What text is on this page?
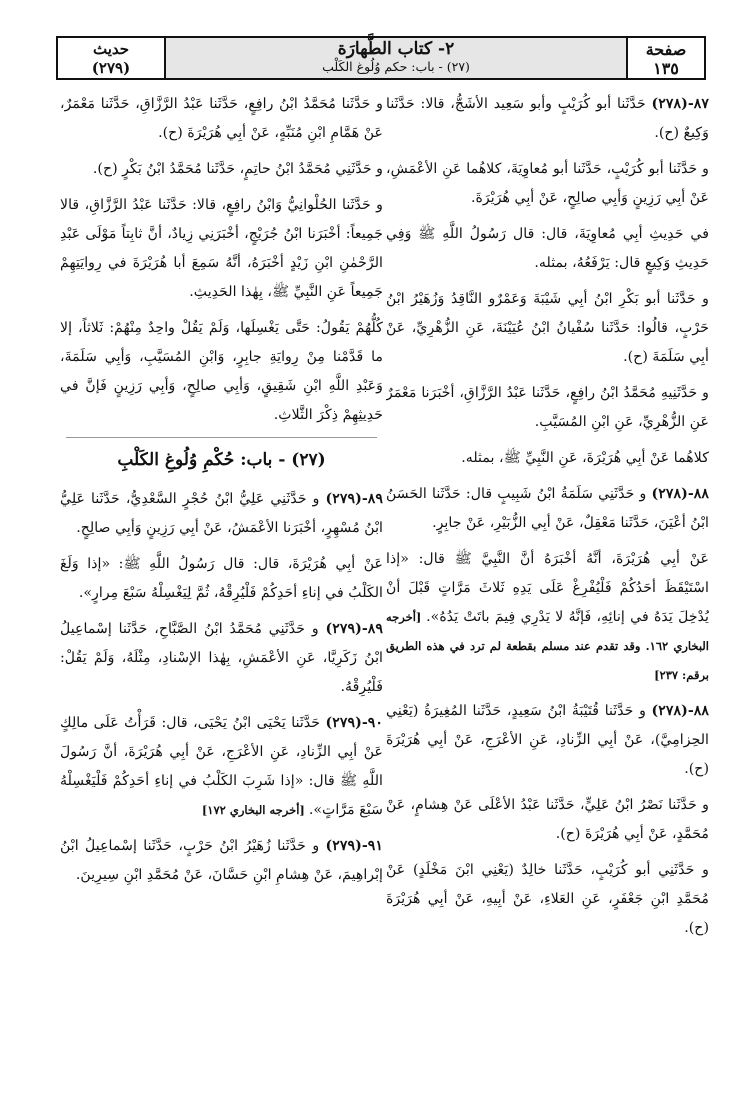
حديث
(٢٧٩)
٢- كتاب الطَّهارَة
(٢٧) - باب: حكم وُلُوغ الكَلْب
صفحة
١٣٥

٨٧-(٢٧٨) حَدَّثَنا أبو كُرَيْبٍ وأبو سَعِيد الأشَجُّ، قالا: حَدَّثَنا وَكِيعٌ (ح).

و حَدَّثَنا أبو كُرَيْبٍ، حَدَّثَنا أبو مُعاوِيَةَ، كلاهُما عَنِ الأعْمَشِ، عَنْ أبِي رَزِينٍ وَأبِي صالِحٍ، عَنْ أبِي هُرَيْرَةَ.

في حَدِيثِ أبِي مُعاوِيَةَ، قال: قال رَسُولُ اللَّهِ ﷺ وَفِي حَدِيثِ وَكِيعٍ قال: يَرْفَعُهُ، بمثله.

و حَدَّثَنا أبو بَكْرِ ابْنُ أبِي شَيْبَةَ وَعَمْرٌو النَّاقِدُ وَزُهَيْرُ ابْنُ حَرْبٍ، قالُوا: حَدَّثَنا سُفْيانُ ابْنُ عُيَيْنَةَ، عَنِ الزُّهْرِيِّ، عَنْ أبِي سَلَمَةَ (ح).

و حَدَّثَنِيهِ مُحَمَّدُ ابْنُ رافِعٍ، حَدَّثَنا عَبْدُ الرَّزَّاقِ، أخْبَرَنا مَعْمَرٌ عَنِ الزُّهْرِيِّ، عَنِ ابْنِ المُسَيَّبِ.

كلاهُما عَنْ أبِي هُرَيْرَةَ، عَنِ النَّبِيِّ ﷺ، بمثله.

٨٨-(٢٧٨) و حَدَّثَنِي سَلَمَةُ ابْنُ شَبِيبٍ قال: حَدَّثَنا الحَسَنُ ابْنُ أعْيَنَ، حَدَّثَنا مَعْقِلٌ، عَنْ أبِي الزُّبَيْرِ، عَنْ جابِرٍ.

عَنْ أبِي هُرَيْرَةَ، أنَّهُ أخْبَرَهُ أنَّ النَّبِيَّ ﷺ قال: «إذا اسْتَيْقَظَ أحَدُكُمْ فَلْيُفْرِغْ عَلَى يَدِهِ ثَلاثَ مَرَّاتٍ قَبْلَ أنْ يُدْخِلَ يَدَهُ في إنائِهِ، فَإنَّهُ لا يَدْرِي فِيمَ باتَتْ يَدُهُ». [أخرجه البخاري ١٦٢. وقد تقدم عند مسلم بقطعة لم ترد في هذه الطريق برقم: ٢٣٧]

٨٨-(٢٧٨) و حَدَّثَنا قُتَيْبَةُ ابْنُ سَعِيدٍ، حَدَّثَنا المُغِيرَةُ (يَعْنِي الحِزامِيَّ)، عَنْ أبِي الزِّنادِ، عَنِ الأعْرَجِ، عَنْ أبِي هُرَيْرَةَ (ح).

و حَدَّثَنا نَصْرُ ابْنُ عَلِيٍّ، حَدَّثَنا عَبْدُ الأعْلَى عَنْ هِشامٍ، عَنْ مُحَمَّدٍ، عَنْ أبِي هُرَيْرَةَ (ح).

و حَدَّثَنِي أبو كُرَيْبٍ، حَدَّثَنا خالِدٌ (يَعْنِي ابْنَ مَخْلَدٍ) عَنْ مُحَمَّدِ ابْنِ جَعْفَرٍ، عَنِ العَلاءِ، عَنْ أبِيهِ، عَنْ أبِي هُرَيْرَةَ (ح).

و حَدَّثَنا مُحَمَّدُ ابْنُ رافِعٍ، حَدَّثَنا عَبْدُ الرَّزَّاقِ، حَدَّثَنا مَعْمَرٌ، عَنْ هَمَّامِ ابْنِ مُنَبِّهٍ، عَنْ أبِي هُرَيْرَةَ (ح).

و حَدَّثَنِي مُحَمَّدُ ابْنُ حاتِمٍ، حَدَّثَنا مُحَمَّدُ ابْنُ بَكْرٍ (ح).

و حَدَّثَنا الحُلْوانِيُّ وَابْنُ رافِعٍ، قالا: حَدَّثَنا عَبْدُ الرَّزَّاقِ، قالا جَمِيعاً: أخْبَرَنا ابْنُ جُرَيْجٍ، أخْبَرَنِي زِيادٌ، أنَّ ثابِتاً مَوْلَى عَبْدِ الرَّحْمٰنِ ابْنِ زَيْدٍ أخْبَرَهُ، أنَّهُ سَمِعَ أبا هُرَيْرَةَ في رِوايَتِهِمْ جَمِيعاً عَنِ النَّبِيِّ ﷺ، بِهٰذا الحَدِيثِ.

كُلُّهُمْ يَقُولُ: حَتَّى يَغْسِلَها، وَلَمْ يَقُلْ واحِدٌ مِنْهُمْ: ثَلاثاً، إلا ما قَدَّمْنا مِنْ رِوايَةِ جابِرٍ، وَابْنِ المُسَيَّبِ، وَأبِي سَلَمَةَ، وَعَبْدِ اللَّهِ ابْنِ شَقِيقٍ، وَأبِي صالِحٍ، وَأبِي رَزِينٍ فَإنَّ في حَدِيثِهِمْ ذِكْرَ الثَّلاثِ.

(٢٧) - باب: حُكْمِ وُلُوغِ الكَلْبِ

٨٩-(٢٧٩) و حَدَّثَنِي عَلِيُّ ابْنُ حُجْرٍ السَّعْدِيُّ، حَدَّثَنا عَلِيُّ ابْنُ مُسْهِرٍ، أخْبَرَنا الأعْمَشُ، عَنْ أبِي رَزِينٍ وَأبِي صالِحٍ.

عَنْ أبِي هُرَيْرَةَ، قال: قال رَسُولُ اللَّهِ ﷺ: «إذا وَلَغَ الكَلْبُ في إناءِ أحَدِكُمْ فَلْيُرِقْهُ، ثُمَّ لِيَغْسِلْهُ سَبْعَ مِرارٍ».

٨٩-(٢٧٩) و حَدَّثَنِي مُحَمَّدُ ابْنُ الصَّبَّاحِ، حَدَّثَنا إسْماعِيلُ ابْنُ زَكَرِيَّا، عَنِ الأعْمَشِ، بِهٰذا الإسْنادِ، مِثْلَهُ، وَلَمْ يَقُلْ: فَلْيُرِقْهُ.

٩٠-(٢٧٩) حَدَّثَنا يَحْيَى ابْنُ يَحْيَى، قال: قَرَأْتُ عَلَى مالِكٍ عَنْ أبِي الزِّنادِ، عَنِ الأعْرَجِ، عَنْ أبِي هُرَيْرَةَ، أنَّ رَسُولَ اللَّهِ ﷺ قال: «إذا شَرِبَ الكَلْبُ في إناءِ أحَدِكُمْ فَلْيَغْسِلْهُ سَبْعَ مَرَّاتٍ». [أخرجه البخاري ١٧٢]

٩١-(٢٧٩) و حَدَّثَنا زُهَيْرُ ابْنُ حَرْبٍ، حَدَّثَنا إسْماعِيلُ ابْنُ إبْراهِيمَ، عَنْ هِشامِ ابْنِ حَسَّانَ، عَنْ مُحَمَّدِ ابْنِ سِيرِينَ.
